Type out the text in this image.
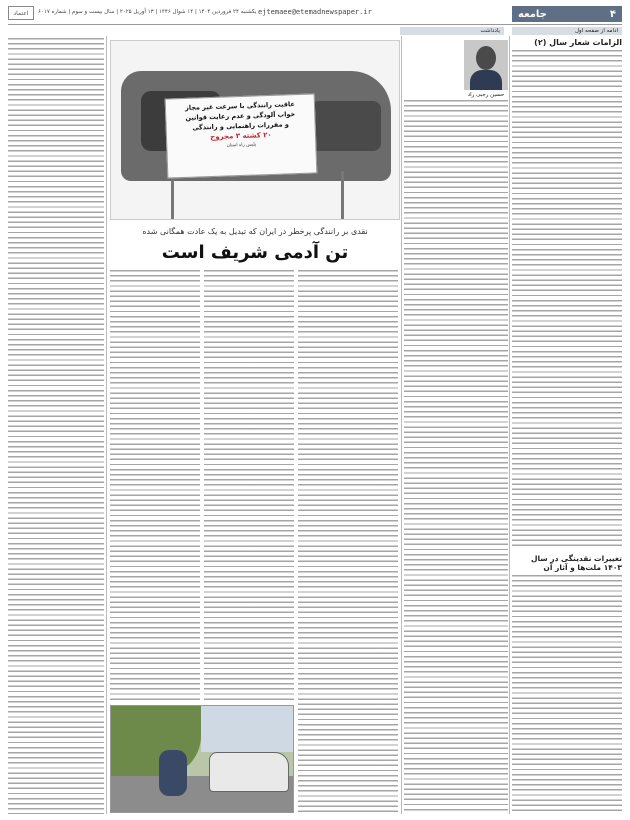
۴
جامعه
ejtemaee@etemadnewspaper.ir
یکشنبه ۲۴ فروردین ۱۴۰۴ | ۱۴ شوال ۱۴۴۶ | ۱۳ آوریل ۲۰۲۵ | سال بیست و سوم | شماره ۶۰۱۷
اعتماد
ادامه از صفحه اول
یادداشت
الزامات شعار سال (۲)
تغییرات نقدینگی در سال ۱۴۰۳ ملت‌ها و آثار آن
حسین رجبی راد
عاقبت رانندگی با سرعت غیر مجاز
خواب آلودگی و عدم رعایت قوانین
و مقررات راهنمایی و رانندگی
۲۰ کشته ۳ مجروح
پلیس راه استان
نقدی بر رانندگی پرخطر در ایران که تبدیل به یک عادت همگانی شده
تن آدمی شریف است
